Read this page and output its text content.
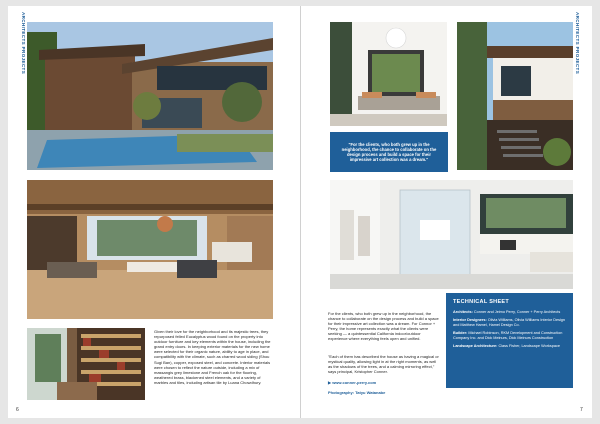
ARCHITECTS PROJECTS	ARCHITECTS PROJECTS
Given their love for the neighborhood and its majestic trees, they repurposed felled Eucalyptus wood found on the property into outdoor furniture and key elements within the house, including the grand entry doors. In keeping exterior materials for the new home were selected for their organic nature, ability to age in place, and compatibility with the climate, such as charred wood siding (Shou Sugi Ban), copper, exposed steel, and concrete. Interior materials were chosen to reflect the nature outside, including a mix of massangis grey limestone and French oak for the flooring, weathered brass, blackened steel elements, and a variety of marbles and tiles, including artisan tile by Luana Chowdhury.
6
"For the clients, who both grew up in the neighborhood, the chance to collaborate on the design process and build a space for their impressive art collection was a dream."
For the clients, who both grew up in the neighborhood, the chance to collaborate on the design process and build a space for their impressive art collection was a dream. For Connor + Perry, the home represents exactly what the clients were seeking — a quintessential California indoor/outdoor experience where everything feels open and unified.
"Each of them has described the house as having a magical or mystical quality, allowing light in at the right moments, as well as the shadows of the trees, and a calming mirroring effect," says principal, Kristopher Conner.
▶ www.conner-perry.com
Photography: Tatyu Watanabe
TECHNICAL SHEET
Architects: Conner and Jeimo Perry, Conner + Perry Architects
Interior Designers: Olivia Williams, Olivia Williams Interior Design and Matthew Hamel, Hamel Design Co.
Builder: Michael Robinson, RKM Development and Construction Company Inc. and Dick Meinurs, Dick Meinurs Construction
Landscape Architecture: Class Fisher, Landscape Workspace
7
